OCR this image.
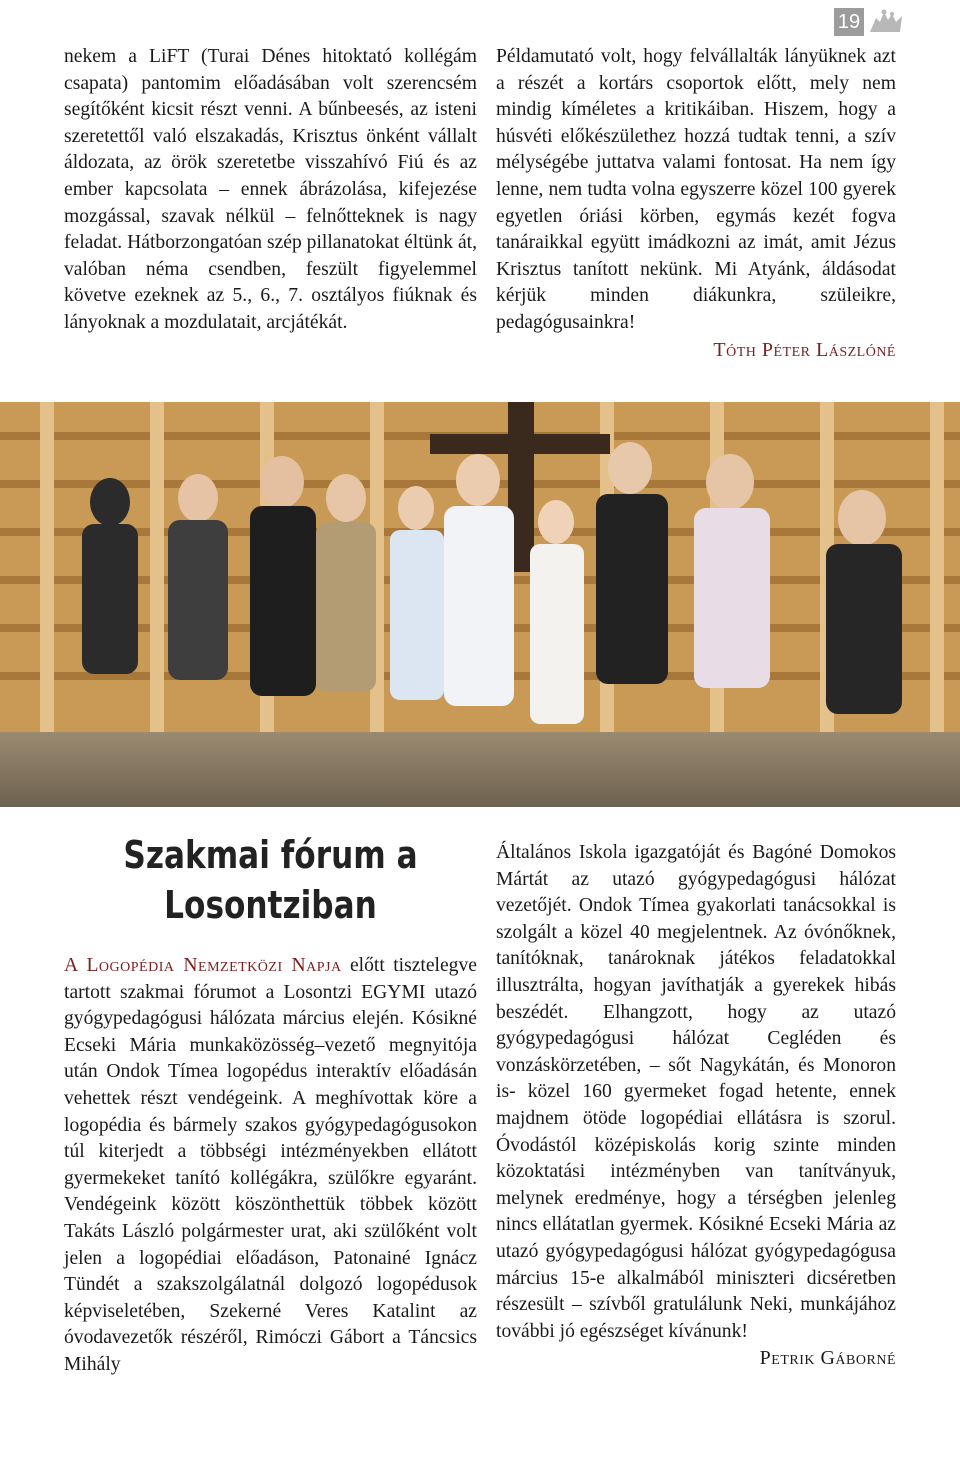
19

nekem a LiFT (Turai Dénes hitoktató kollégám csapata) pantomim előadásában volt szerencsém segítőként kicsit részt venni. A bűnbeesés, az isteni szeretettől való elszakadás, Krisztus önként vállalt áldozata, az örök szeretetbe visszahívó Fiú és az ember kapcsolata – ennek ábrázolása, kifejezése mozgással, szavak nélkül – felnőtteknek is nagy feladat. Hátborzongatóan szép pillanatokat éltünk át, valóban néma csendben, feszült figyelemmel követve ezeknek az 5., 6., 7. osztályos fiúknak és lányoknak a mozdulatait, arcjátékát.

Példamutató volt, hogy felvállalták lányüknek azt a részét a kortárs csoportok előtt, mely nem mindig kíméletes a kritikáiban. Hiszem, hogy a húsvéti előkészülethez hozzá tudtak tenni, a szív mélységébe juttatva valami fontosat. Ha nem így lenne, nem tudta volna egyszerre közel 100 gyerek egyetlen óriási körben, egymás kezét fogva tanáraikkal együtt imádkozni az imát, amit Jézus Krisztus tanított nekünk. Mi Atyánk, áldásodat kérjük minden diákunkra, szüleikre, pedagógusainkra!

Tóth Péter Lászlóné

Szakmai fórum a
Losontziban

A Logopédia Nemzetközi Napja előtt tisztelegve tartott szakmai fórumot a Losontzi EGYMI utazó gyógypedagógusi hálózata március elején. Kósikné Ecseki Mária munkaközösség–vezető megnyitója után Ondok Tímea logopédus interaktív előadásán vehettek részt vendégeink. A meghívottak köre a logopédia és bármely szakos gyógypedagógusokon túl kiterjedt a többségi intézményekben ellátott gyermekeket tanító kollégákra, szülőkre egyaránt. Vendégeink között köszönthettük többek között Takáts László polgármester urat, aki szülőként volt jelen a logopédiai előadáson, Patonainé Ignácz Tündét a szakszolgálatnál dolgozó logopédusok képviseletében, Szekerné Veres Katalint az óvodavezetők részéről, Rimóczi Gábort a Táncsics Mihály

Általános Iskola igazgatóját és Bagóné Domokos Mártát az utazó gyógypedagógusi hálózat vezetőjét. Ondok Tímea gyakorlati tanácsokkal is szolgált a közel 40 megjelentnek. Az óvónőknek, tanítóknak, tanároknak játékos feladatokkal illusztrálta, hogyan javíthatják a gyerekek hibás beszédét. Elhangzott, hogy az utazó gyógypedagógusi hálózat Cegléden és vonzáskörzetében, – sőt Nagykátán, és Monoron is- közel 160 gyermeket fogad hetente, ennek majdnem ötöde logopédiai ellátásra is szorul. Óvodástól középiskolás korig szinte minden közoktatási intézményben van tanítványuk, melynek eredménye, hogy a térségben jelenleg nincs ellátatlan gyermek. Kósikné Ecseki Mária az utazó gyógypedagógusi hálózat gyógypedagógusa március 15-e alkalmából miniszteri dicséretben részesült – szívből gratulálunk Neki, munkájához további jó egészséget kívánunk!

Petrik Gáborné
